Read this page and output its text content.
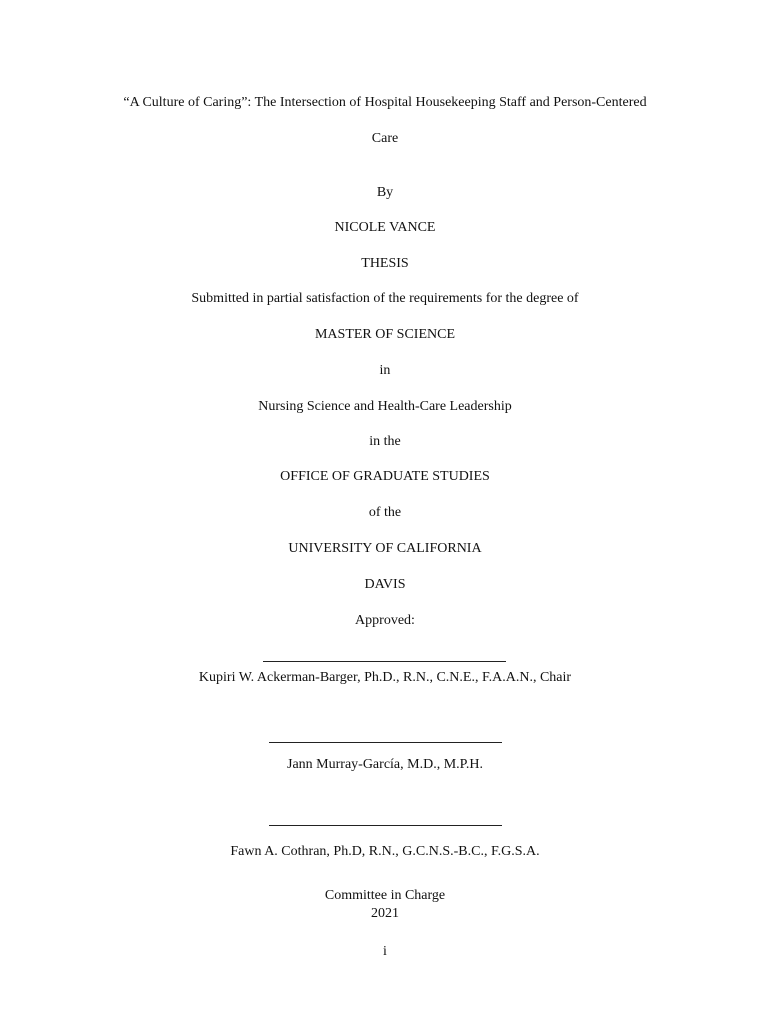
“A Culture of Caring”: The Intersection of Hospital Housekeeping Staff and Person-Centered
Care
By
NICOLE VANCE
THESIS
Submitted in partial satisfaction of the requirements for the degree of
MASTER OF SCIENCE
in
Nursing Science and Health-Care Leadership
in the
OFFICE OF GRADUATE STUDIES
of the
UNIVERSITY OF CALIFORNIA
DAVIS
Approved:
Kupiri W. Ackerman-Barger, Ph.D., R.N., C.N.E., F.A.A.N., Chair
Jann Murray-García, M.D., M.P.H.
Fawn A. Cothran, Ph.D, R.N., G.C.N.S.-B.C., F.G.S.A.
Committee in Charge
2021
i
